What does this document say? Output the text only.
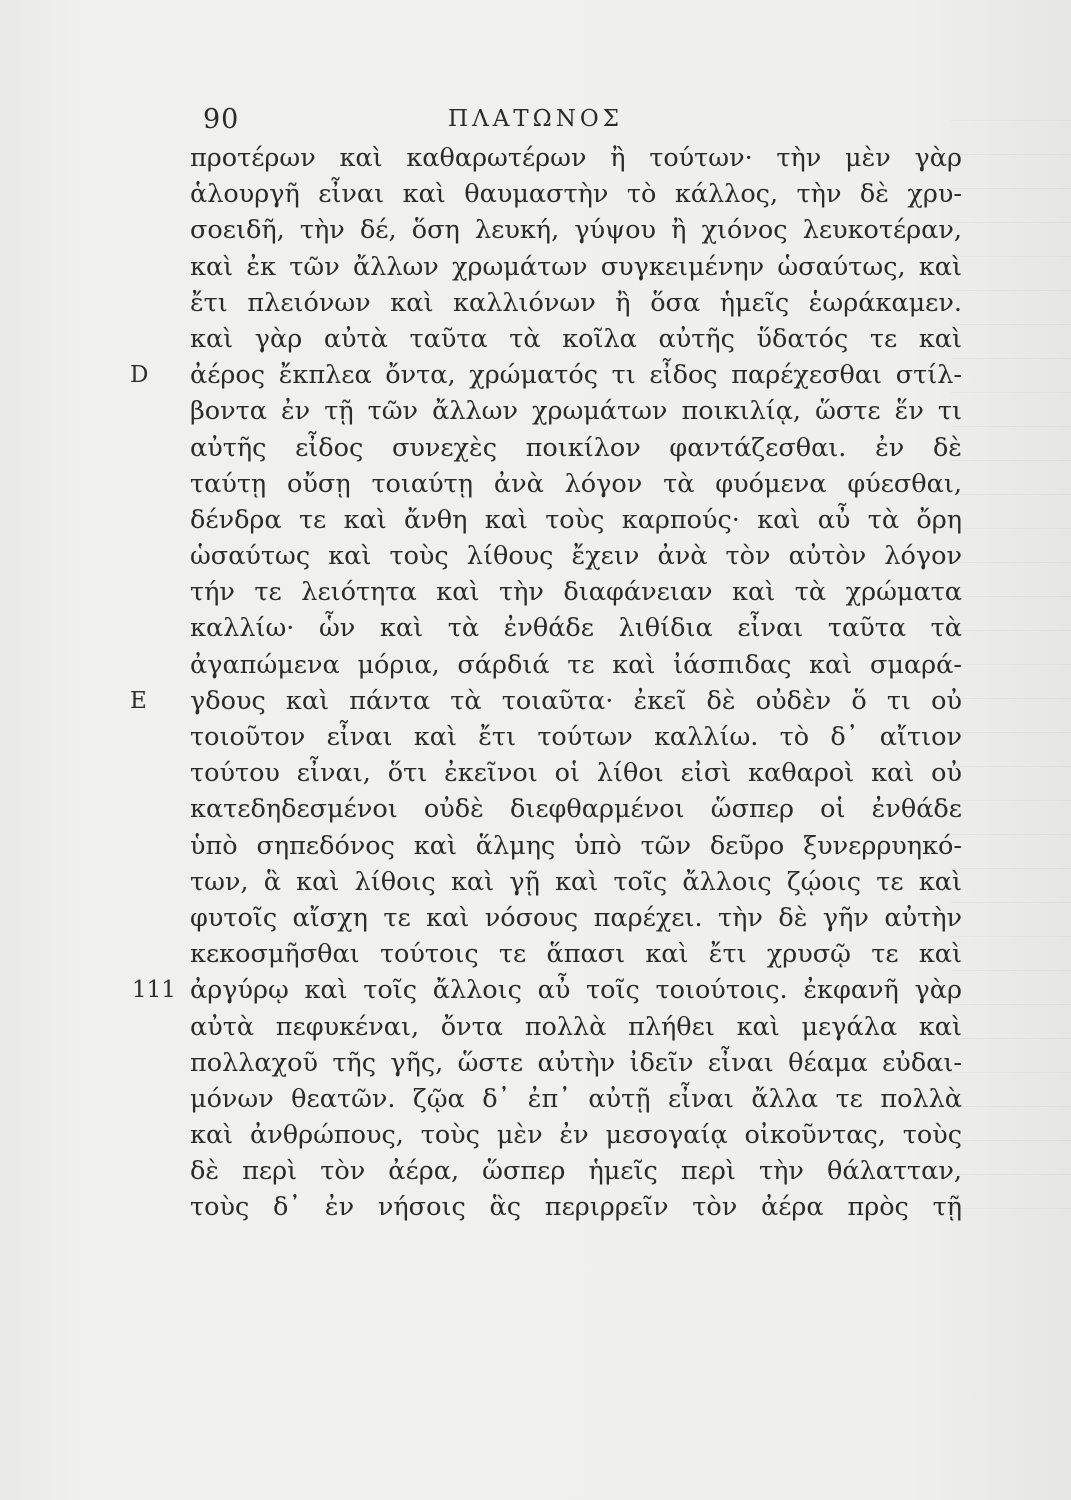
90	ΠΛΑΤΩΝΟΣ
προτέρων καὶ καθαρωτέρων ἢ τούτων· τὴν μὲν γὰρ
ἁλουργῆ εἶναι καὶ θαυμαστὴν τὸ κάλλος, τὴν δὲ χρυ-
σοειδῆ, τὴν δέ, ὅση λευκή, γύψου ἢ χιόνος λευκοτέραν,
καὶ ἐκ τῶν ἄλλων χρωμάτων συγκειμένην ὡσαύτως, καὶ
ἔτι πλειόνων καὶ καλλιόνων ἢ ὅσα ἡμεῖς ἑωράκαμεν.
καὶ γὰρ αὐτὰ ταῦτα τὰ κοῖλα αὐτῆς ὕδατός τε καὶ
D	ἀέρος ἔκπλεα ὄντα, χρώματός τι εἶδος παρέχεσθαι στίλ-
βοντα ἐν τῇ τῶν ἄλλων χρωμάτων ποικιλίᾳ, ὥστε ἕν τι
αὐτῆς εἶδος συνεχὲς ποικίλον φαντάζεσθαι. ἐν δὲ
ταύτῃ οὔσῃ τοιαύτῃ ἀνὰ λόγον τὰ φυόμενα φύεσθαι,
δένδρα τε καὶ ἄνθη καὶ τοὺς καρπούς· καὶ αὖ τὰ ὄρη
ὡσαύτως καὶ τοὺς λίθους ἔχειν ἀνὰ τὸν αὐτὸν λόγον
τήν τε λειότητα καὶ τὴν διαφάνειαν καὶ τὰ χρώματα
καλλίω· ὧν καὶ τὰ ἐνθάδε λιθίδια εἶναι ταῦτα τὰ
ἀγαπώμενα μόρια, σάρδιά τε καὶ ἰάσπιδας καὶ σμαρά-
E	γδους καὶ πάντα τὰ τοιαῦτα· ἐκεῖ δὲ οὐδὲν ὅ τι οὐ
τοιοῦτον εἶναι καὶ ἔτι τούτων καλλίω. τὸ δ᾽ αἴτιον
τούτου εἶναι, ὅτι ἐκεῖνοι οἱ λίθοι εἰσὶ καθαροὶ καὶ οὐ
κατεδηδεσμένοι οὐδὲ διεφθαρμένοι ὥσπερ οἱ ἐνθάδε
ὑπὸ σηπεδόνος καὶ ἅλμης ὑπὸ τῶν δεῦρο ξυνερρυηκό-
των, ἃ καὶ λίθοις καὶ γῇ καὶ τοῖς ἄλλοις ζῴοις τε καὶ
φυτοῖς αἴσχη τε καὶ νόσους παρέχει. τὴν δὲ γῆν αὐτὴν
κεκοσμῆσθαι τούτοις τε ἅπασι καὶ ἔτι χρυσῷ τε καὶ
111 ἀργύρῳ καὶ τοῖς ἄλλοις αὖ τοῖς τοιούτοις. ἐκφανῆ γὰρ
αὐτὰ πεφυκέναι, ὄντα πολλὰ πλήθει καὶ μεγάλα καὶ
πολλαχοῦ τῆς γῆς, ὥστε αὐτὴν ἰδεῖν εἶναι θέαμα εὐδαι-
μόνων θεατῶν. ζῷα δ᾽ ἐπ᾽ αὐτῇ εἶναι ἄλλα τε πολλὰ
καὶ ἀνθρώπους, τοὺς μὲν ἐν μεσογαίᾳ οἰκοῦντας, τοὺς
δὲ περὶ τὸν ἀέρα, ὥσπερ ἡμεῖς περὶ τὴν θάλατταν,
τοὺς δ᾽ ἐν νήσοις ἃς περιρρεῖν τὸν ἀέρα πρὸς τῇ
